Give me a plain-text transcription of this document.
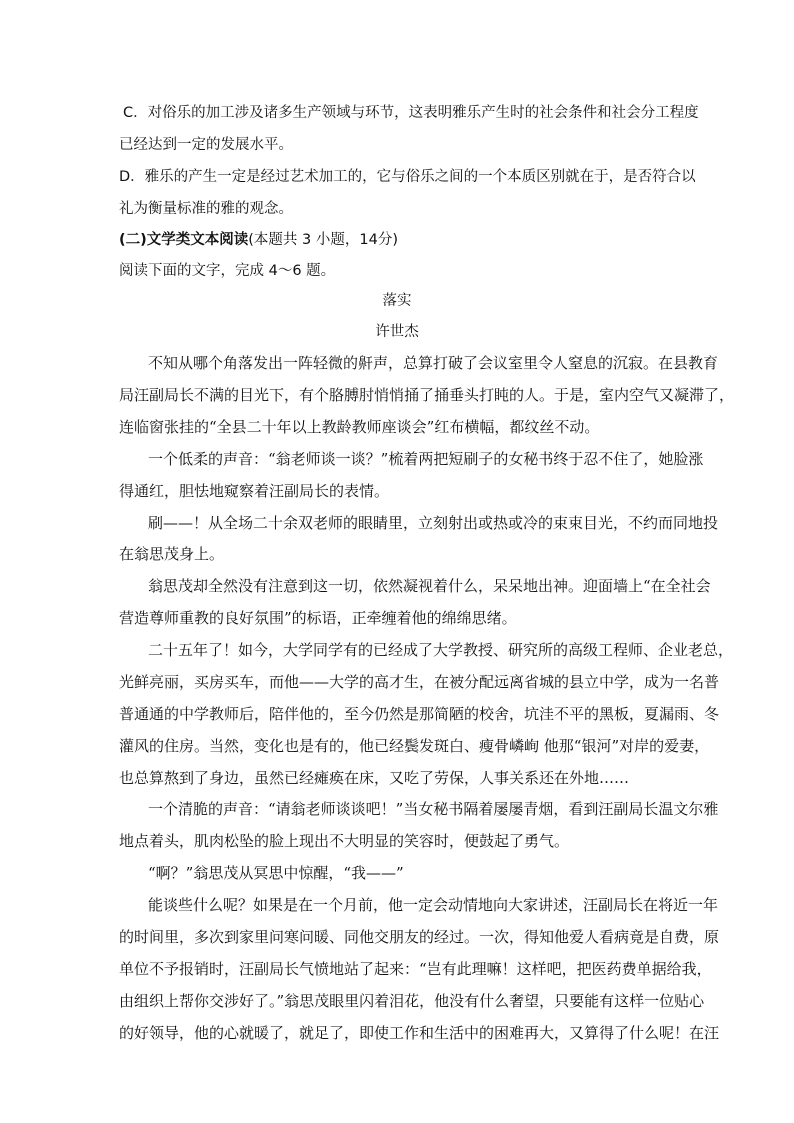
C．对俗乐的加工涉及诸多生产领域与环节，这表明雅乐产生时的社会条件和社会分工程度
已经达到一定的发展水平。
D．雅乐的产生一定是经过艺术加工的，它与俗乐之间的一个本质区别就在于，是否符合以
礼为衡量标准的雅的观念。
(二)文学类文本阅读(本题共 3 小题，14分)
阅读下面的文字，完成 4～6 题。
落实
许世杰
不知从哪个角落发出一阵轻微的鼾声，总算打破了会议室里令人窒息的沉寂。在县教育
局汪副局长不满的目光下，有个胳膊肘悄悄捅了捅垂头打盹的人。于是，室内空气又凝滞了，
连临窗张挂的“全县二十年以上教龄教师座谈会”红布横幅，都纹丝不动。
一个低柔的声音：“翁老师谈一谈？”梳着两把短刷子的女秘书终于忍不住了，她脸涨
得通红，胆怯地窥察着汪副局长的表情。
刷——！从全场二十余双老师的眼睛里，立刻射出或热或冷的束束目光，不约而同地投
在翁思茂身上。
翁思茂却全然没有注意到这一切，依然凝视着什么，呆呆地出神。迎面墙上“在全社会
营造尊师重教的良好氛围”的标语，正牵缠着他的绵绵思绪。
二十五年了！如今，大学同学有的已经成了大学教授、研究所的高级工程师、企业老总，
光鲜亮丽，买房买车，而他——大学的高才生，在被分配远离省城的县立中学，成为一名普
普通通的中学教师后，陪伴他的，至今仍然是那简陋的校舍，坑洼不平的黑板，夏漏雨、冬
灌风的住房。当然，变化也是有的，他已经鬓发斑白、瘦骨嶙峋 他那“银河”对岸的爱妻，
也总算熬到了身边，虽然已经瘫痪在床，又吃了劳保，人事关系还在外地……
一个清脆的声音：“请翁老师谈谈吧！”当女秘书隔着屡屡青烟，看到汪副局长温文尔雅
地点着头，肌肉松坠的脸上现出不大明显的笑容时，便鼓起了勇气。
“啊？”翁思茂从冥思中惊醒，“我——”
能谈些什么呢？如果是在一个月前，他一定会动情地向大家讲述，汪副局长在将近一年
的时间里，多次到家里问寒问暖、同他交朋友的经过。一次，得知他爱人看病竟是自费，原
单位不予报销时，汪副局长气愤地站了起来：“岂有此理嘛！这样吧，把医药费单据给我，
由组织上帮你交涉好了。”翁思茂眼里闪着泪花，他没有什么奢望，只要能有这样一位贴心
的好领导，他的心就暖了，就足了，即使工作和生活中的困难再大，又算得了什么呢！在汪
